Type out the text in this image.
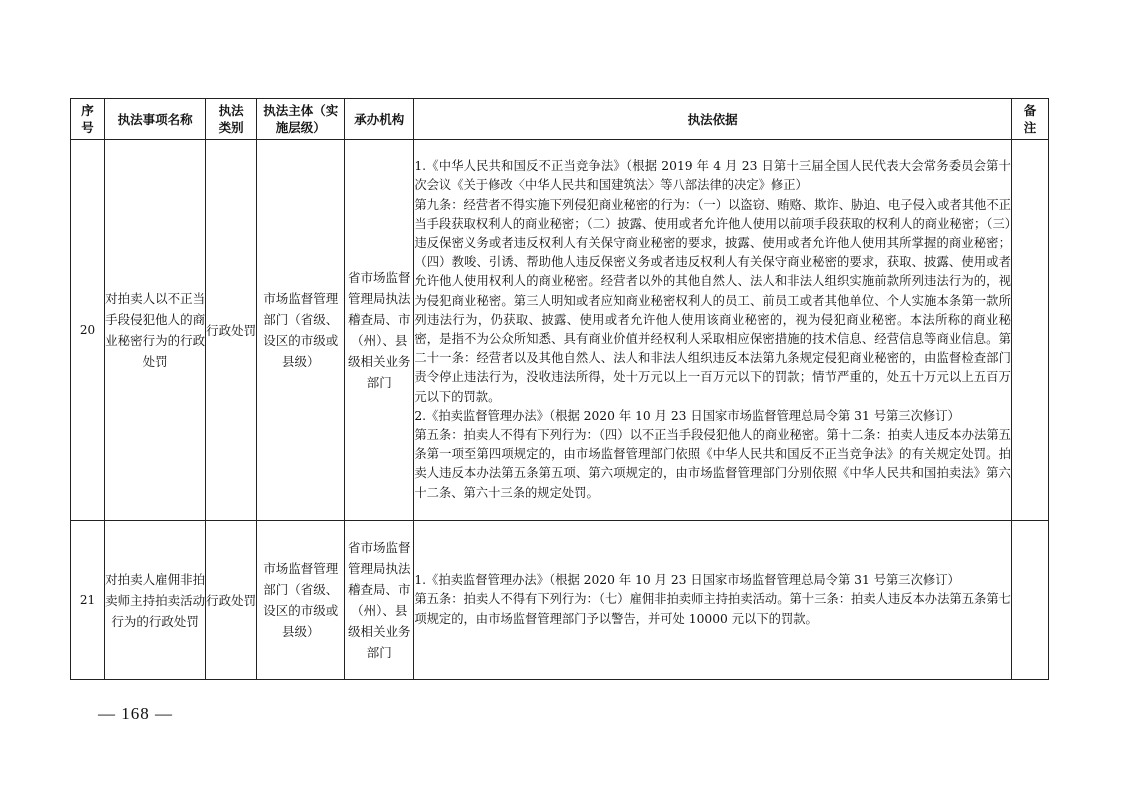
序号	执法事项名称	执法类别	执法主体（实施层级）	承办机构	执法依据	备注
20	对拍卖人以不正当手段侵犯他人的商业秘密行为的行政处罚	行政处罚	市场监督管理部门（省级、设区的市级或县级）	省市场监督管理局执法稽查局、市（州）、县级相关业务部门	1.《中华人民共和国反不正当竞争法》（根据 2019 年 4 月 23 日第十三届全国人民代表大会常务委员会第十次会议《关于修改〈中华人民共和国建筑法〉等八部法律的决定》修正）

第九条：经营者不得实施下列侵犯商业秘密的行为：（一）以盗窃、贿赂、欺诈、胁迫、电子侵入或者其他不正当手段获取权利人的商业秘密；（二）披露、使用或者允许他人使用以前项手段获取的权利人的商业秘密；（三）违反保密义务或者违反权利人有关保守商业秘密的要求，披露、使用或者允许他人使用其所掌握的商业秘密；（四）教唆、引诱、帮助他人违反保密义务或者违反权利人有关保守商业秘密的要求，获取、披露、使用或者允许他人使用权利人的商业秘密。经营者以外的其他自然人、法人和非法人组织实施前款所列违法行为的，视为侵犯商业秘密。第三人明知或者应知商业秘密权利人的员工、前员工或者其他单位、个人实施本条第一款所列违法行为，仍获取、披露、使用或者允许他人使用该商业秘密的，视为侵犯商业秘密。本法所称的商业秘密，是指不为公众所知悉、具有商业价值并经权利人采取相应保密措施的技术信息、经营信息等商业信息。第二十一条：经营者以及其他自然人、法人和非法人组织违反本法第九条规定侵犯商业秘密的，由监督检查部门责令停止违法行为，没收违法所得，处十万元以上一百万元以下的罚款；情节严重的，处五十万元以上五百万元以下的罚款。

2.《拍卖监督管理办法》（根据 2020 年 10 月 23 日国家市场监督管理总局令第 31 号第三次修订）

第五条：拍卖人不得有下列行为：（四）以不正当手段侵犯他人的商业秘密。第十二条：拍卖人违反本办法第五条第一项至第四项规定的，由市场监督管理部门依照《中华人民共和国反不正当竞争法》的有关规定处罚。拍卖人违反本办法第五条第五项、第六项规定的，由市场监督管理部门分别依照《中华人民共和国拍卖法》第六十二条、第六十三条的规定处罚。	

21	对拍卖人雇佣非拍卖师主持拍卖活动行为的行政处罚	行政处罚	市场监督管理部门（省级、设区的市级或县级）	省市场监督管理局执法稽查局、市（州）、县级相关业务部门	1.《拍卖监督管理办法》（根据 2020 年 10 月 23 日国家市场监督管理总局令第 31 号第三次修订）

第五条：拍卖人不得有下列行为：（七）雇佣非拍卖师主持拍卖活动。第十三条：拍卖人违反本办法第五条第七项规定的，由市场监督管理部门予以警告，并可处 10000 元以下的罚款。	

— 168 —
